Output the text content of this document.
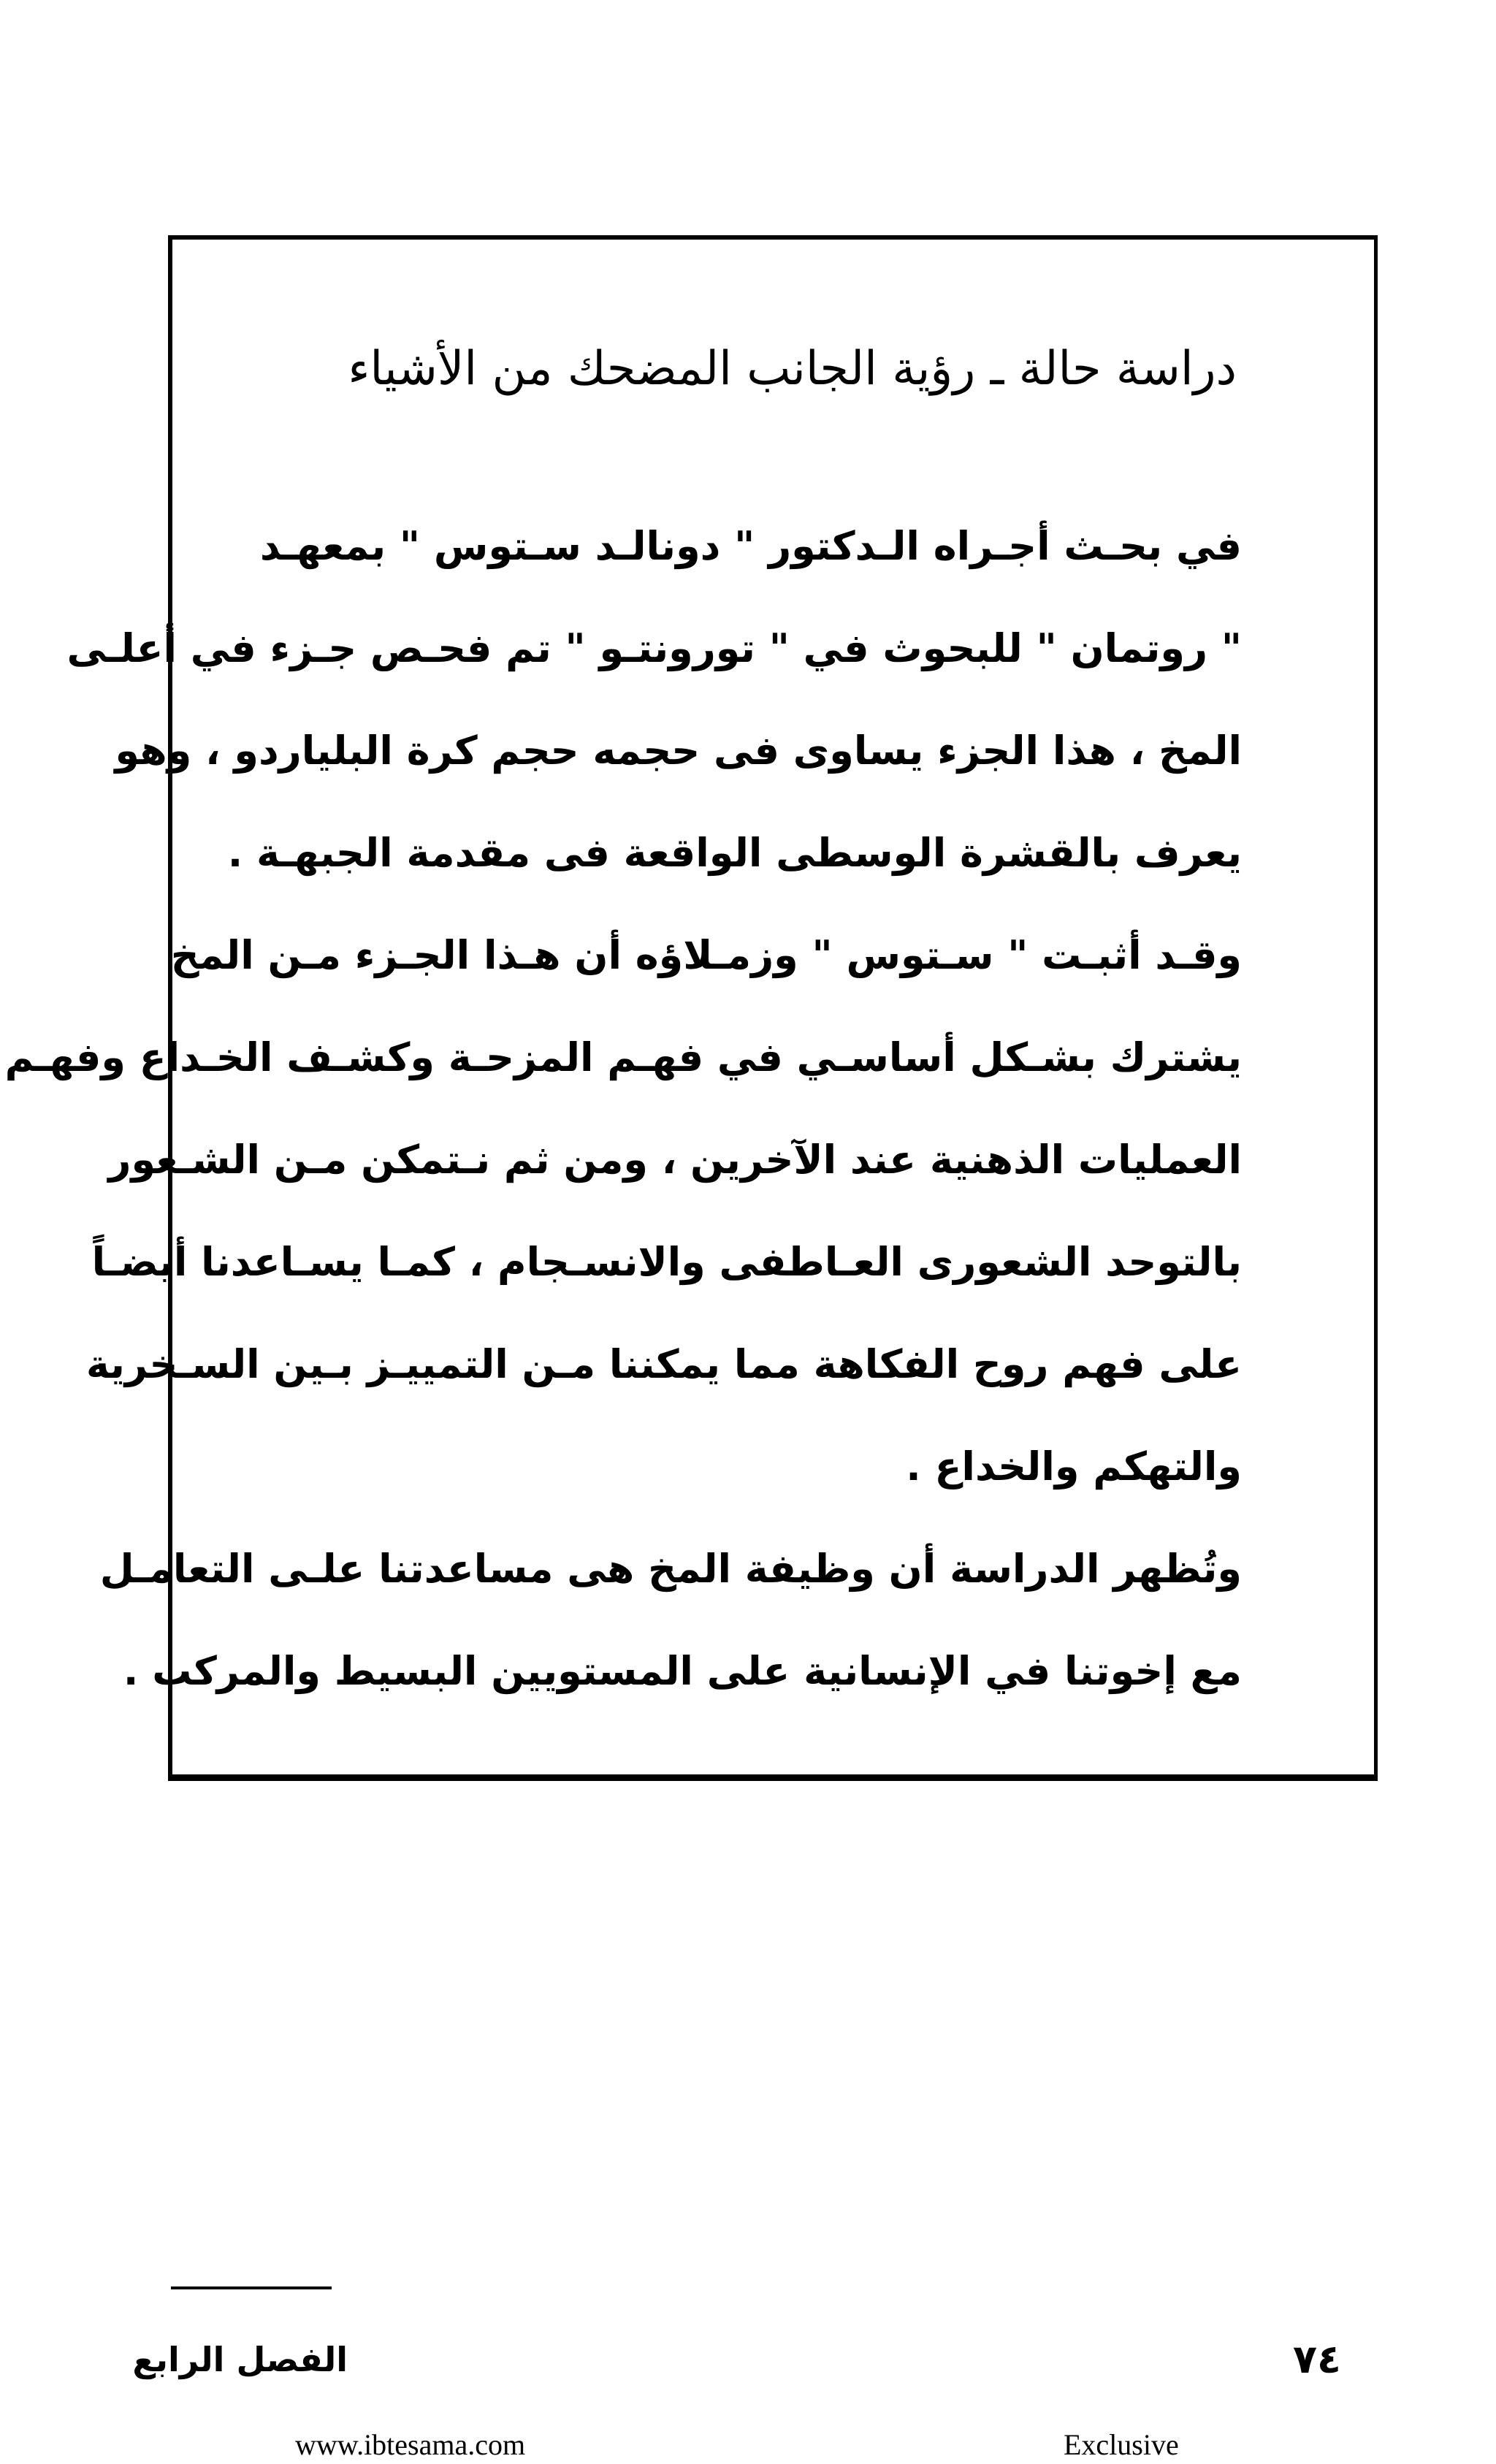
دراسة حالة ـ رؤية الجانب المضحك من الأشياء
في بحـث أجـراه الـدكتور " دونالـد سـتوس " بمعهـد
" روتمان " للبحوث في " تورونتـو " تم فحـص جـزء في أعلـى
المخ ، هذا الجزء يساوى فى حجمه حجم كرة البلياردو ، وهو
يعرف بالقشرة الوسطى الواقعة فى مقدمة الجبهـة .
وقـد أثبـت " سـتوس " وزمـلاؤه أن هـذا الجـزء مـن المخ
يشترك بشـكل أساسـي في فهـم المزحـة وكشـف الخـداع وفهـم
العمليات الذهنية عند الآخرين ، ومن ثم نـتمكن مـن الشـعور
بالتوحد الشعورى العـاطفى والانسـجام ، كمـا يسـاعدنا أيضـاً
على فهم روح الفكاهة مما يمكننا مـن التمييـز بـين السـخرية
والتهكم والخداع .
وتُظهر الدراسة أن وظيفة المخ هى مساعدتنا علـى التعامـل
مع إخوتنا في الإنسانية على المستويين البسيط والمركب .
الفصل الرابع	٧٤
www.ibtesama.com	Exclusive
